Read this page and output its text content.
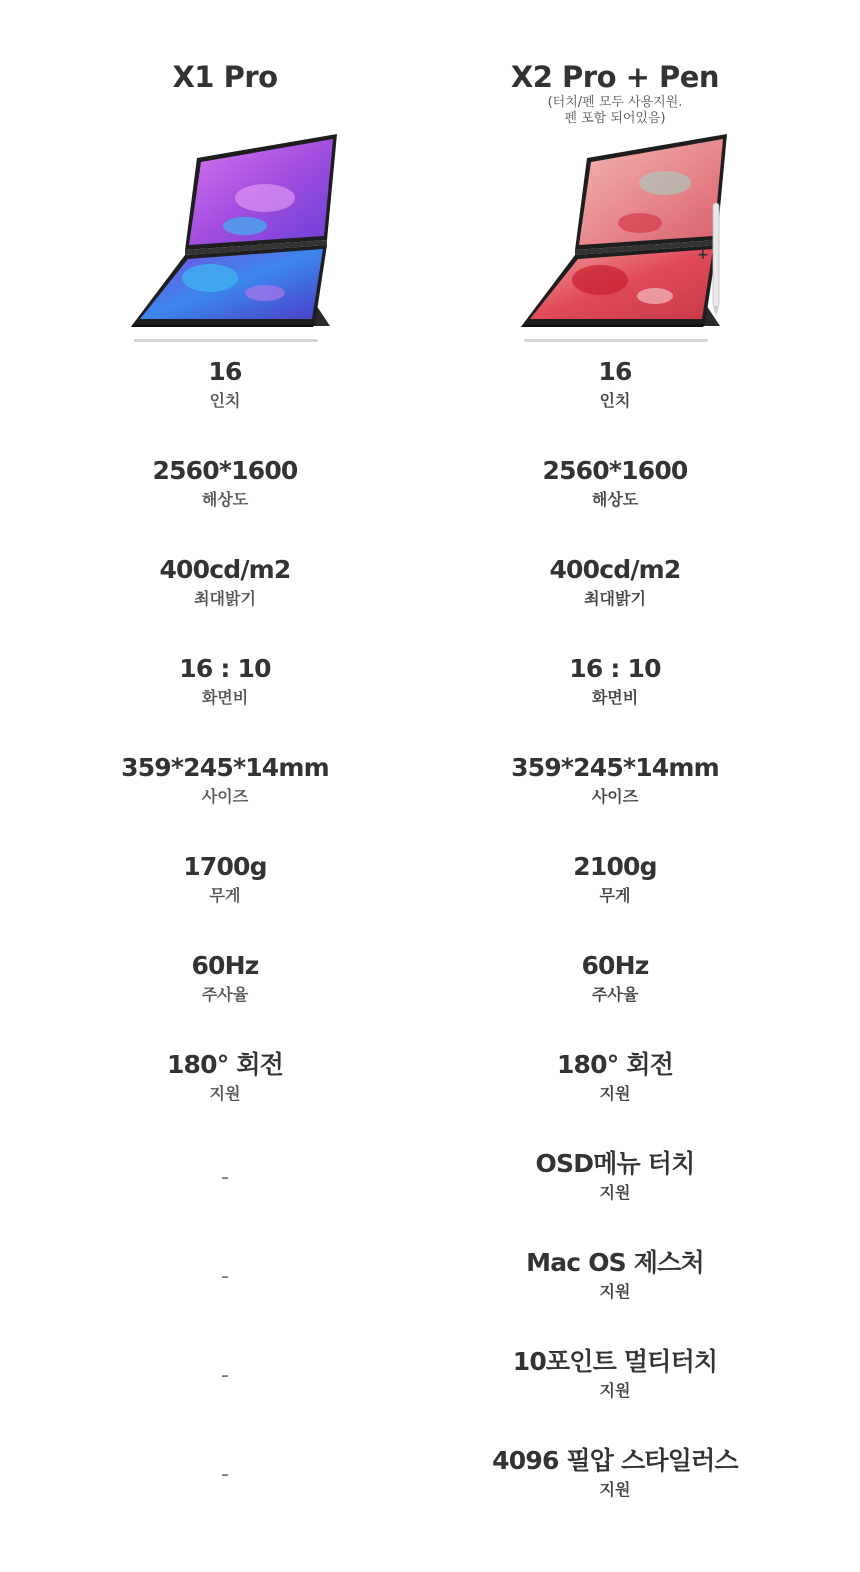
X1 Pro
16
인치
2560*1600
해상도
400cd/m2
최대밝기
16 : 10
화면비
359*245*14mm
사이즈
1700g
무게
60Hz
주사율
180° 회전
지원
-
-
-
-
X2 Pro + Pen
(터치/펜 모두 사용지원.
펜 포함 되어있음)
+
16
인치
2560*1600
해상도
400cd/m2
최대밝기
16 : 10
화면비
359*245*14mm
사이즈
2100g
무게
60Hz
주사율
180° 회전
지원
OSD메뉴 터치
지원
Mac OS 제스처
지원
10포인트 멀티터치
지원
4096 필압 스타일러스
지원
